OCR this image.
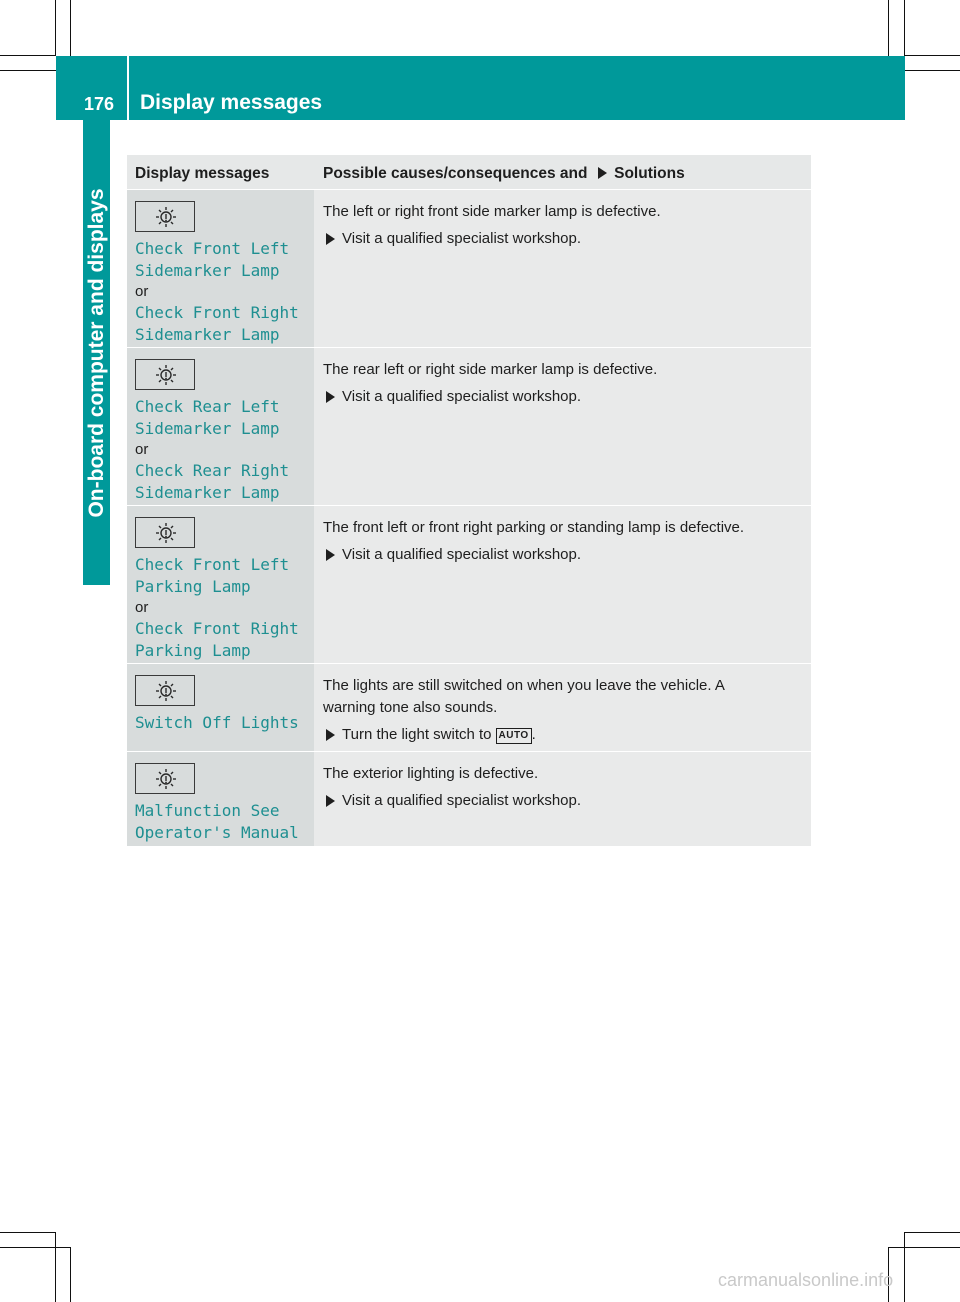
176 Display messages
On-board computer and displays
Display messages	Possible causes/consequences and Solutions
Check Front Left
Sidemarker Lamp
or
Check Front Right
Sidemarker Lamp

The left or right front side marker lamp is defective.

Visit a qualified specialist workshop.
Check Rear Left
Sidemarker Lamp
or
Check Rear Right
Sidemarker Lamp

The rear left or right side marker lamp is defective.

Visit a qualified specialist workshop.
Check Front Left
Parking Lamp
or
Check Front Right
Parking Lamp

The front left or front right parking or standing lamp is defective.

Visit a qualified specialist workshop.
Switch Off Lights

The lights are still switched on when you leave the vehicle. A
warning tone also sounds.

Turn the light switch to AUTO .
Malfunction See
Operator's Manual

The exterior lighting is defective.

Visit a qualified specialist workshop.
carmanualsonline.info
